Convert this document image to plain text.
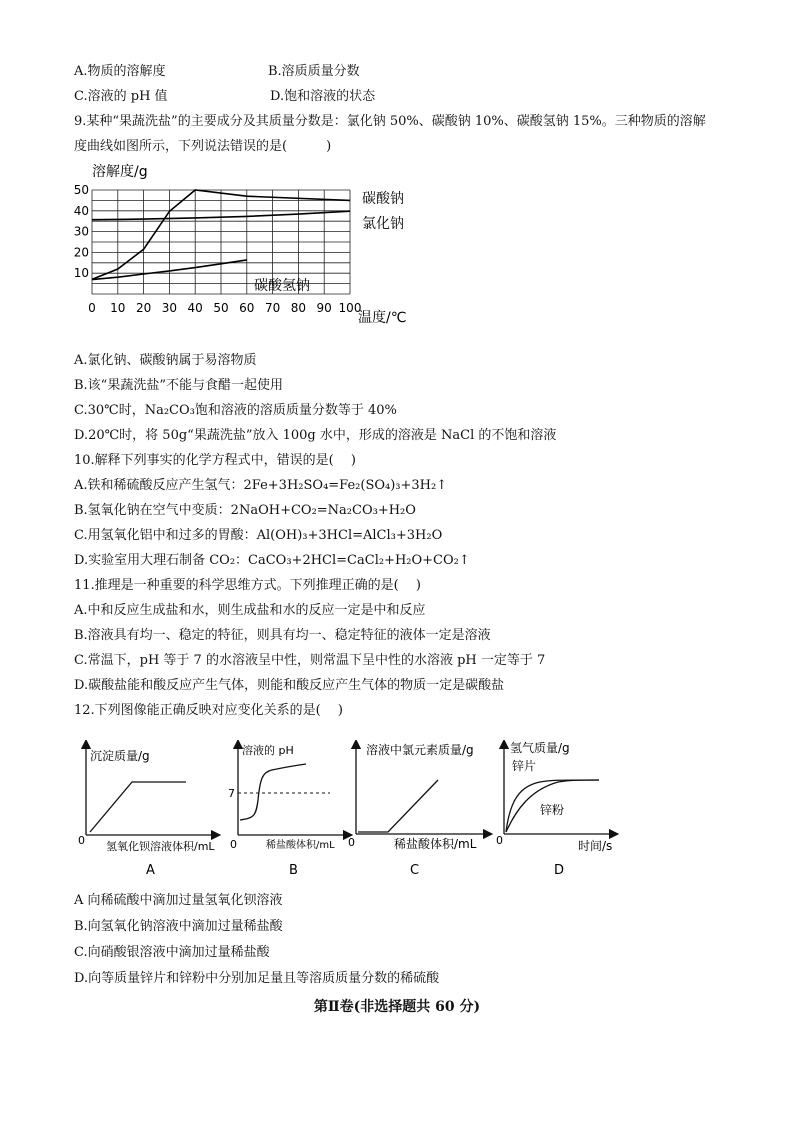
A.物质的溶解度	B.溶质质量分数
C.溶液的 pH 值	D.饱和溶液的状态
9.某种“果蔬洗盐”的主要成分及其质量分数是：氯化钠 50%、碳酸钠 10%、碳酸氢钠 15%。三种物质的溶解
度曲线如图所示，下列说法错误的是(　　　)
0 10 20 30 40 50 60 70 80 90 100
10
20
30
40
50
溶解度/g
温度/℃
碳酸钠
氯化钠
碳酸氢钠
A.氯化钠、碳酸钠属于易溶物质
B.该“果蔬洗盐”不能与食醋一起使用
C.30℃时，Na₂CO₃饱和溶液的溶质质量分数等于 40%
D.20℃时，将 50g“果蔬洗盐”放入 100g 水中，形成的溶液是 NaCl 的不饱和溶液
10.解释下列事实的化学方程式中，错误的是(　 )
A.铁和稀硫酸反应产生氢气：2Fe+3H₂SO₄=Fe₂(SO₄)₃+3H₂↑
B.氢氧化钠在空气中变质：2NaOH+CO₂=Na₂CO₃+H₂O
C.用氢氧化铝中和过多的胃酸：Al(OH)₃+3HCl=AlCl₃+3H₂O
D.实验室用大理石制备 CO₂：CaCO₃+2HCl=CaCl₂+H₂O+CO₂↑
11.推理是一种重要的科学思维方式。下列推理正确的是(　 )
A.中和反应生成盐和水，则生成盐和水的反应一定是中和反应
B.溶液具有均一、稳定的特征，则具有均一、稳定特征的液体一定是溶液
C.常温下，pH 等于 7 的水溶液呈中性，则常温下呈中性的水溶液 pH 一定等于 7
D.碳酸盐能和酸反应产生气体，则能和酸反应产生气体的物质一定是碳酸盐
12.下列图像能正确反映对应变化关系的是(　 )
沉淀质量/g
0 氢氧化钡溶液体积/mL
A
溶液的 pH
7
0	稀盐酸体积/mL
B
溶液中氯元素质量/g
0	稀盐酸体积/mL
C
氢气质量/g
锌片
锌粉
0	时间/s
D
A 向稀硫酸中滴加过量氢氧化钡溶液
B.向氢氧化钠溶液中滴加过量稀盐酸
C.向硝酸银溶液中滴加过量稀盐酸
D.向等质量锌片和锌粉中分别加足量且等溶质质量分数的稀硫酸
第Ⅱ卷(非选择题共 60 分)
